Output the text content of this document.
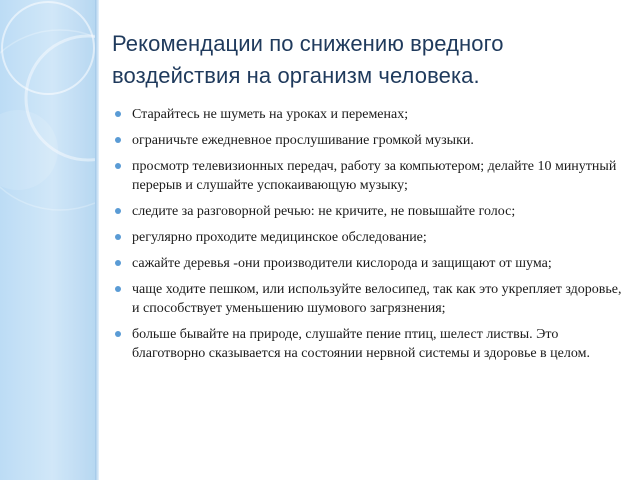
Рекомендации по снижению вредного
воздействия на организм человека.
Старайтесь не шуметь на уроках и переменах;
ограничьте ежедневное прослушивание громкой музыки.
просмотр телевизионных передач, работу за компьютером; делайте 10 минутный перерыв и слушайте успокаивающую музыку;
следите за разговорной речью: не кричите, не повышайте голос;
регулярно проходите медицинское обследование;
сажайте деревья -они производители кислорода и защищают от шума;
чаще ходите пешком, или используйте велосипед, так как это укрепляет здоровье, и способствует уменьшению шумового загрязнения;
больше бывайте на природе, слушайте пение птиц, шелест листвы. Это благотворно сказывается на состоянии нервной системы и здоровье в целом.
